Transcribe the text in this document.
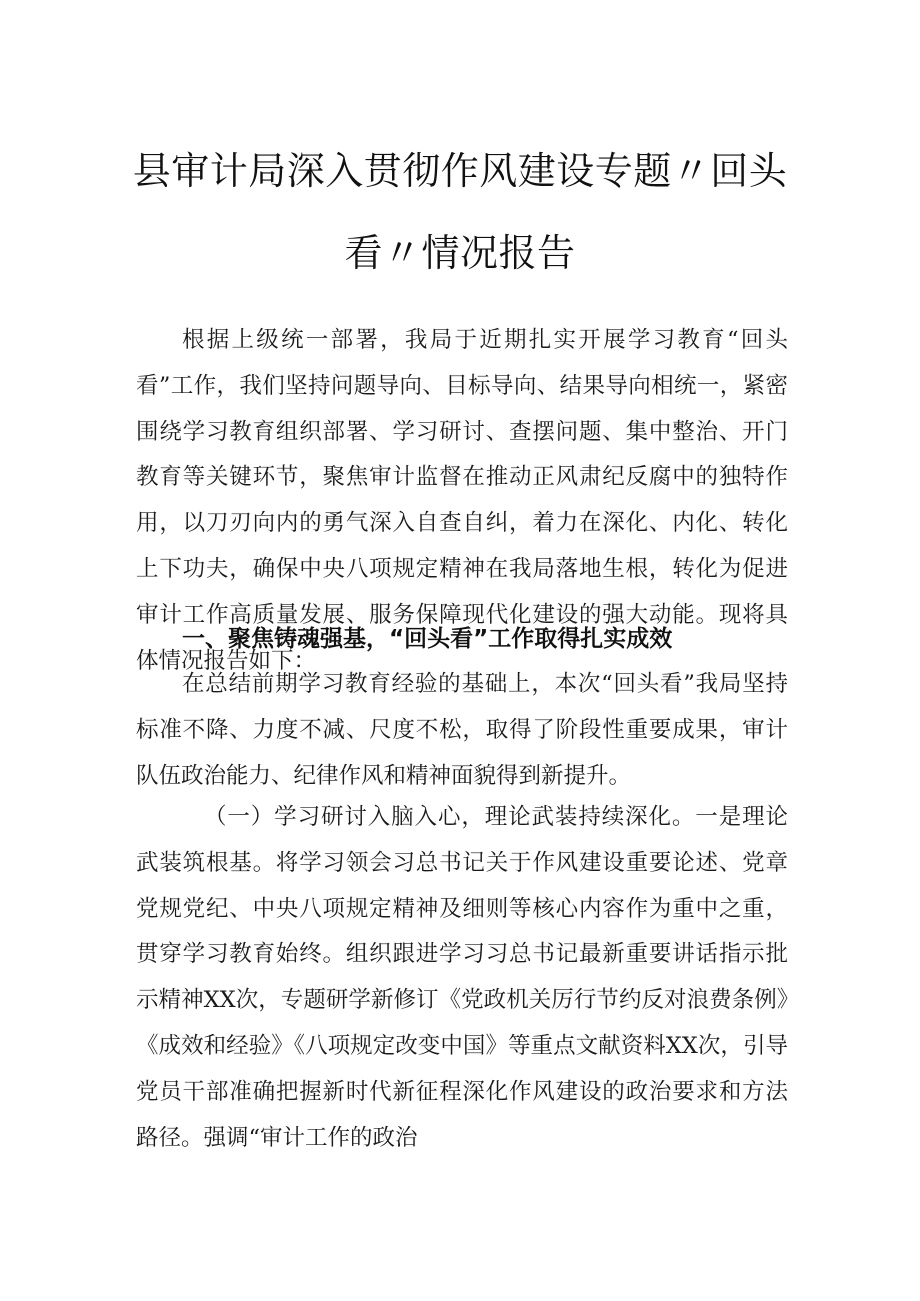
县审计局深入贯彻作风建设专题〃回头
看〃情况报告

根据上级统一部署，我局于近期扎实开展学习教育“回头看”工作，我们坚持问题导向、目标导向、结果导向相统一，紧密围绕学习教育组织部署、学习研讨、查摆问题、集中整治、开门教育等关键环节，聚焦审计监督在推动正风肃纪反腐中的独特作用，以刀刃向内的勇气深入自查自纠，着力在深化、内化、转化上下功夫，确保中央八项规定精神在我局落地生根，转化为促进审计工作高质量发展、服务保障现代化建设的强大动能。现将具体情况报告如下：

一、聚焦铸魂强基，“回头看”工作取得扎实成效

在总结前期学习教育经验的基础上，本次“回头看”我局坚持标准不降、力度不减、尺度不松，取得了阶段性重要成果，审计队伍政治能力、纪律作风和精神面貌得到新提升。

（一）学习研讨入脑入心，理论武装持续深化。一是理论武装筑根基。将学习领会习总书记关于作风建设重要论述、党章党规党纪、中央八项规定精神及细则等核心内容作为重中之重，贯穿学习教育始终。组织跟进学习习总书记最新重要讲话指示批示精神XX次，专题研学新修订《党政机关厉行节约反对浪费条例》《成效和经验》《八项规定改变中国》等重点文献资料XX次，引导党员干部准确把握新时代新征程深化作风建设的政治要求和方法路径。强调“审计工作的政治
